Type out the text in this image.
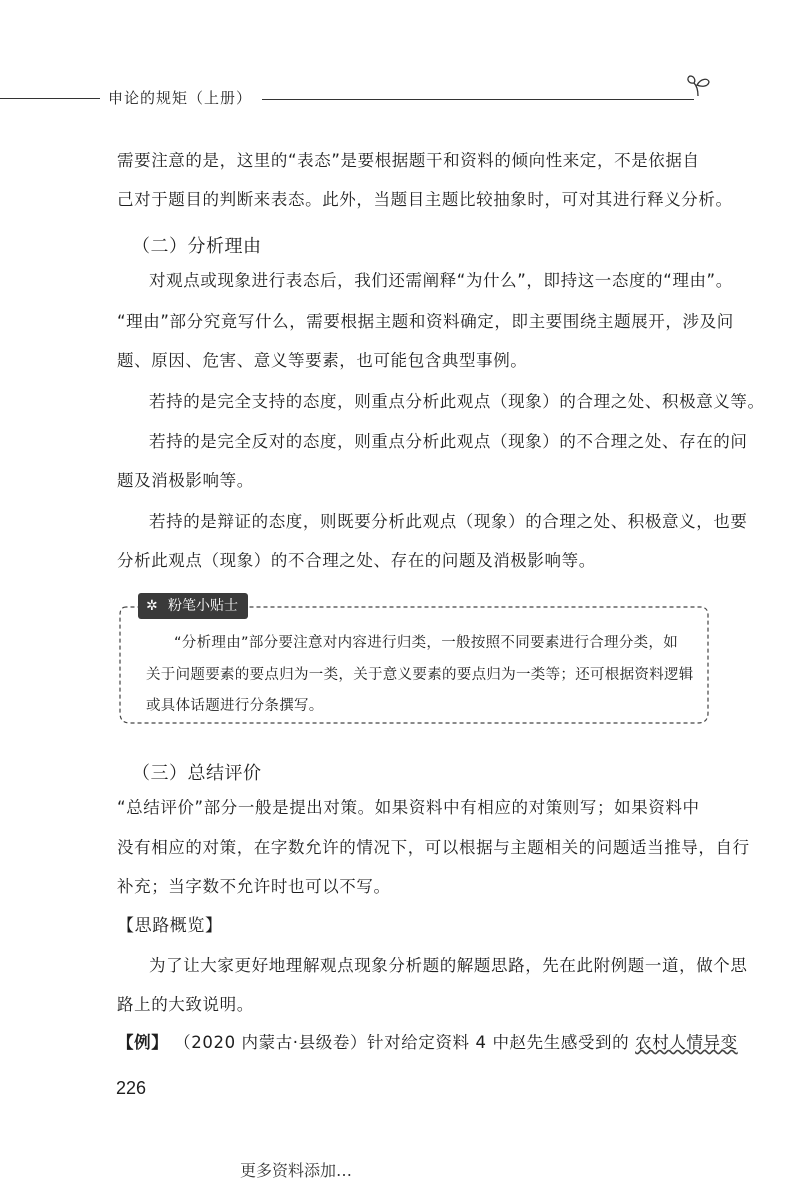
申论的规矩（上册）
需要注意的是，这里的“表态”是要根据题干和资料的倾向性来定，不是依据自
己对于题目的判断来表态。此外，当题目主题比较抽象时，可对其进行释义分析。
（二）分析理由
对观点或现象进行表态后，我们还需阐释“为什么”，即持这一态度的“理由”。
“理由”部分究竟写什么，需要根据主题和资料确定，即主要围绕主题展开，涉及问
题、原因、危害、意义等要素，也可能包含典型事例。
若持的是完全支持的态度，则重点分析此观点（现象）的合理之处、积极意义等。
若持的是完全反对的态度，则重点分析此观点（现象）的不合理之处、存在的问
题及消极影响等。
若持的是辩证的态度，则既要分析此观点（现象）的合理之处、积极意义，也要
分析此观点（现象）的不合理之处、存在的问题及消极影响等。
✲ 粉笔小贴士
“分析理由”部分要注意对内容进行归类，一般按照不同要素进行合理分类，如
关于问题要素的要点归为一类，关于意义要素的要点归为一类等；还可根据资料逻辑
或具体话题进行分条撰写。
（三）总结评价
“总结评价”部分一般是提出对策。如果资料中有相应的对策则写；如果资料中
没有相应的对策，在字数允许的情况下，可以根据与主题相关的问题适当推导，自行
补充；当字数不允许时也可以不写。
【思路概览】
为了让大家更好地理解观点现象分析题的解题思路，先在此附例题一道，做个思
路上的大致说明。
【例】 （2020 内蒙古·县级卷）针对给定资料 4 中赵先生感受到的 农村人情异变
226
更多资料添加…
